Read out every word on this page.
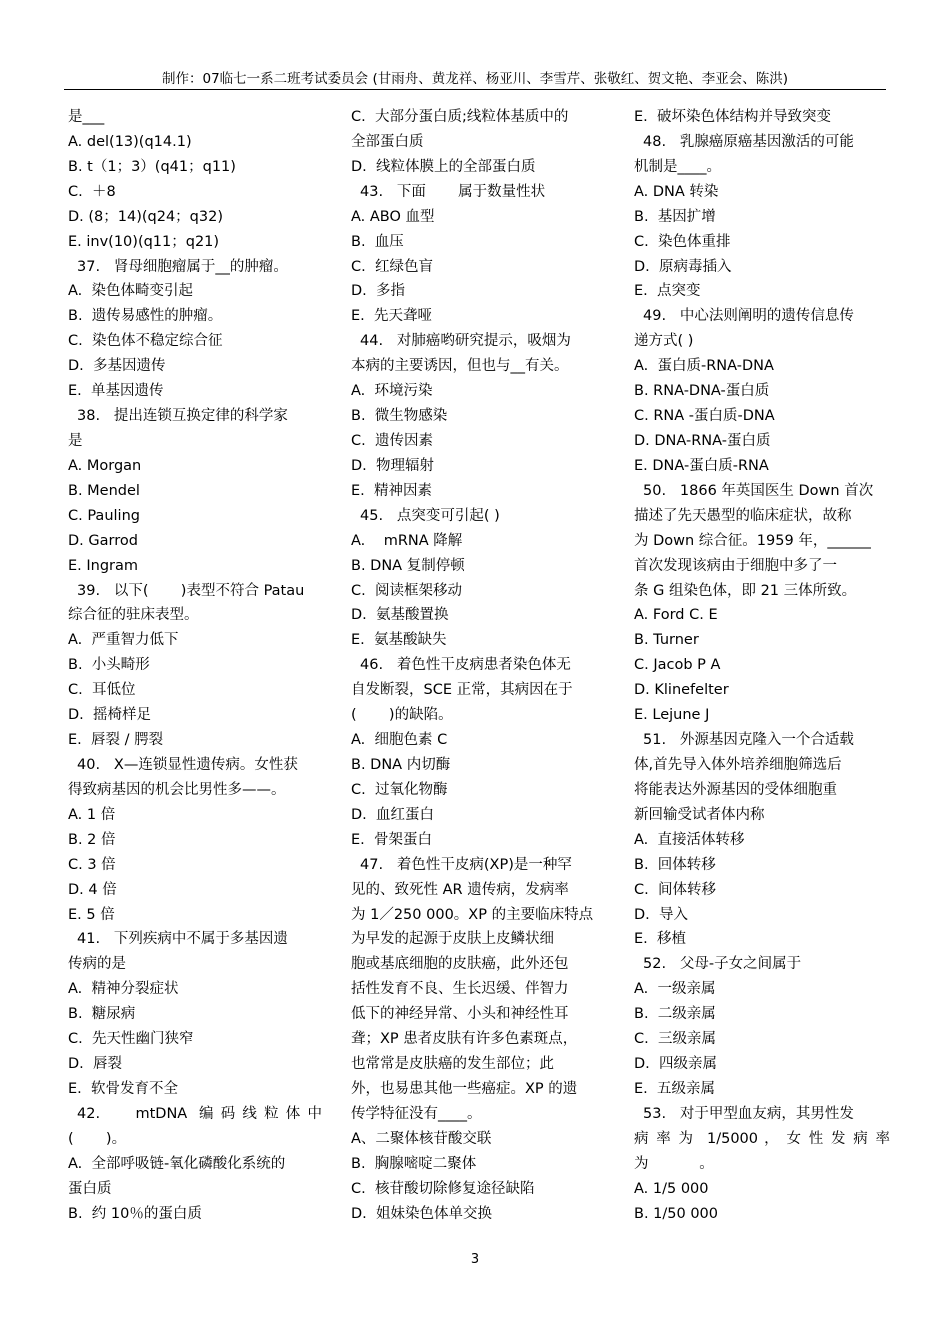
制作：07临七一系二班考试委员会 (甘雨舟、黄龙祥、杨亚川、李雪芹、张敬红、贺文艳、李亚会、陈洪)
是___
A. del(13)(q14.1)
B. t（1；3）(q41；q11)
C.  ＋8
D. (8；14)(q24；q32)
E. inv(10)(q11；q21)
37.   肾母细胞瘤属于__的肿瘤。
A.  染色体畸变引起
B.  遗传易感性的肿瘤。
C.  染色体不稳定综合征
D.  多基因遗传
E.  单基因遗传
38.   提出连锁互换定律的科学家
是
A. Morgan
B. Mendel
C. Pauling
D. Garrod
E. Ingram
39.   以下(       )表型不符合 Patau
综合征的驻床表型。
A.  严重智力低下
B.  小头畸形
C.  耳低位
D.  摇椅样足
E.  唇裂 / 腭裂
40.   X—连锁显性遗传病。女性获
得致病基因的机会比男性多——。
A. 1 倍
B. 2 倍
C. 3 倍
D. 4 倍
E. 5 倍
41.   下列疾病中不属于多基因遗
传病的是
A.  精神分裂症状
B.  糖尿病
C.  先天性幽门狭窄
D.  唇裂
E.  软骨发育不全
42.   mtDNA 编码线粒体中
(       )。
A.  全部呼吸链-氧化磷酸化系统的
蛋白质
B.  约 10％的蛋白质
C.  大部分蛋白质;线粒体基质中的
全部蛋白质
D.  线粒体膜上的全部蛋白质
43.   下面       属于数量性状
A. ABO 血型
B.  血压
C.  红绿色盲
D.  多指
E.  先天聋哑
44.   对肺癌哟研究提示，吸烟为
本病的主要诱因，但也与__有关。
A.  环境污染
B.  微生物感染
C.  遗传因素
D.  物理辐射
E.  精神因素
45.   点突变可引起( )
A.    mRNA 降解
B. DNA 复制停顿
C.  阅读框架移动
D.  氨基酸置换
E.  氨基酸缺失
46.   着色性干皮病患者染色体无
自发断裂，SCE 正常，其病因在于
(       )的缺陷。
A.  细胞色素 C
B. DNA 内切酶
C.  过氧化物酶
D.  血红蛋白
E.  骨架蛋白
47.   着色性干皮病(XP)是一种罕
见的、致死性 AR 遗传病，发病率
为 1／250 000。XP 的主要临床特点
为早发的起源于皮肤上皮鳞状细
胞或基底细胞的皮肤癌，此外还包
括性发育不良、生长迟缓、伴智力
低下的神经异常、小头和神经性耳
聋；XP 患者皮肤有许多色素斑点，
也常常是皮肤癌的发生部位；此
外，也易患其他一些癌症。XP 的遗
传学特征没有____。
A、二聚体核苷酸交联
B.  胸腺嘧啶二聚体
C.  核苷酸切除修复途径缺陷
D.  姐妹染色体单交换
E.  破坏染色体结构并导致突变
48.   乳腺癌原癌基因激活的可能
机制是____。
A. DNA 转染
B.  基因扩增
C.  染色体重排
D.  原病毒插入
E.  点突变
49.   中心法则阐明的遗传信息传
递方式( )
A.  蛋白质-RNA-DNA
B. RNA-DNA-蛋白质
C. RNA -蛋白质-DNA
D. DNA-RNA-蛋白质
E. DNA-蛋白质-RNA
50.   1866 年英国医生 Down 首次
描述了先天愚型的临床症状，故称
为 Down 综合征。1959 年，______
首次发现该病由于细胞中多了一
条 G 组染色体，即 21 三体所致。
A. Ford C. E
B. Turner
C. Jacob P A
D. Klinefelter
E. Lejune J
51.   外源基因克隆入一个合适载
体,首先导入体外培养细胞筛选后
将能表达外源基因的受体细胞重
新回输受试者体内称
A.  直接活体转移
B.  回体转移
C.  间体转移
D.  导入
E.  移植
52.   父母-子女之间属于
A.  一级亲属
B.  二级亲属
C.  三级亲属
D.  四级亲属
E.  五级亲属
53.   对于甲型血友病，其男性发
病 率 为  1/5000 ， 女 性 发 病 率
为           。
A. 1/5 000
B. 1/50 000
3
